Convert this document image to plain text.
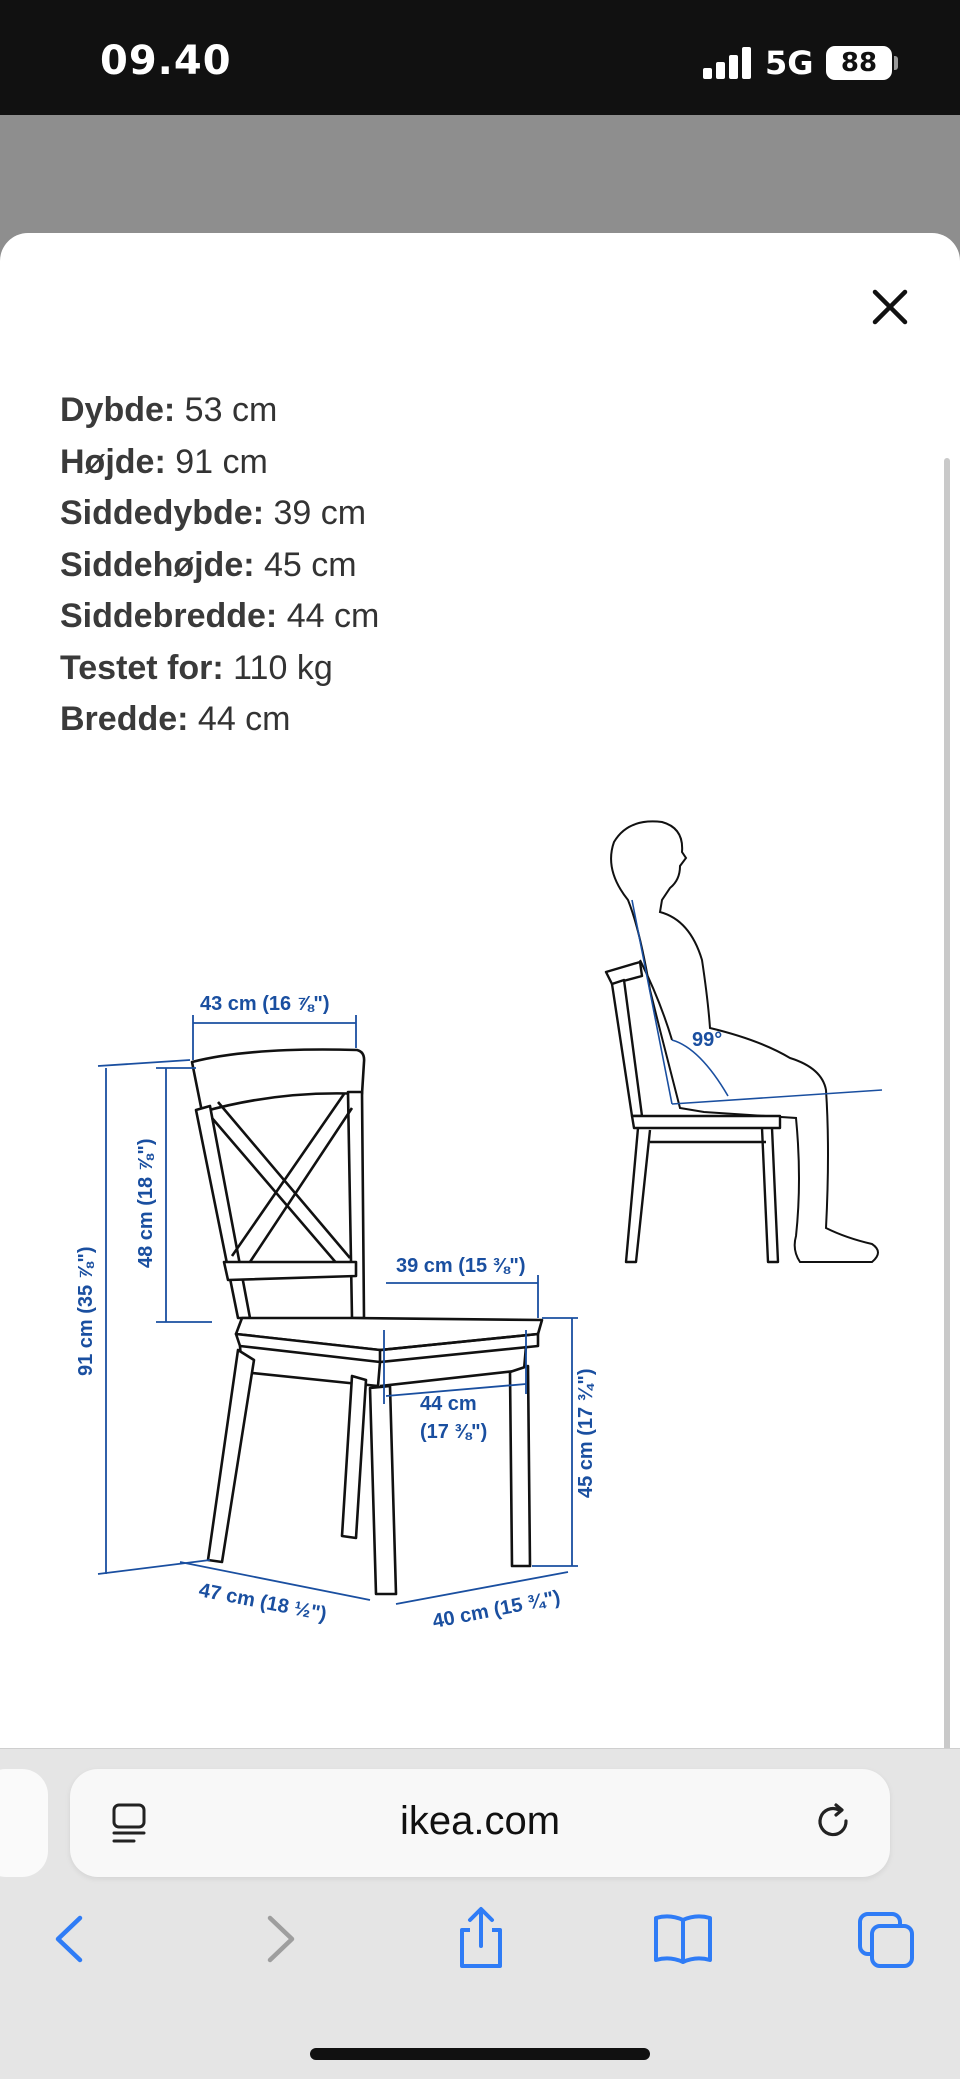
09.40	5G	88
Dybde: 53 cm
Højde: 91 cm
Siddedybde: 39 cm
Siddehøjde: 45 cm
Siddebredde: 44 cm
Testet for: 110 kg
Bredde: 44 cm
43 cm (16 ⅞")
48 cm (18 ⅞")
91 cm (35 ⅞")	39 cm (15 ⅜")
44 cm
(17 ⅜")	45 cm (17 ¾")
47 cm (18 ½")	40 cm (15 ¾")
99°
ikea.com
